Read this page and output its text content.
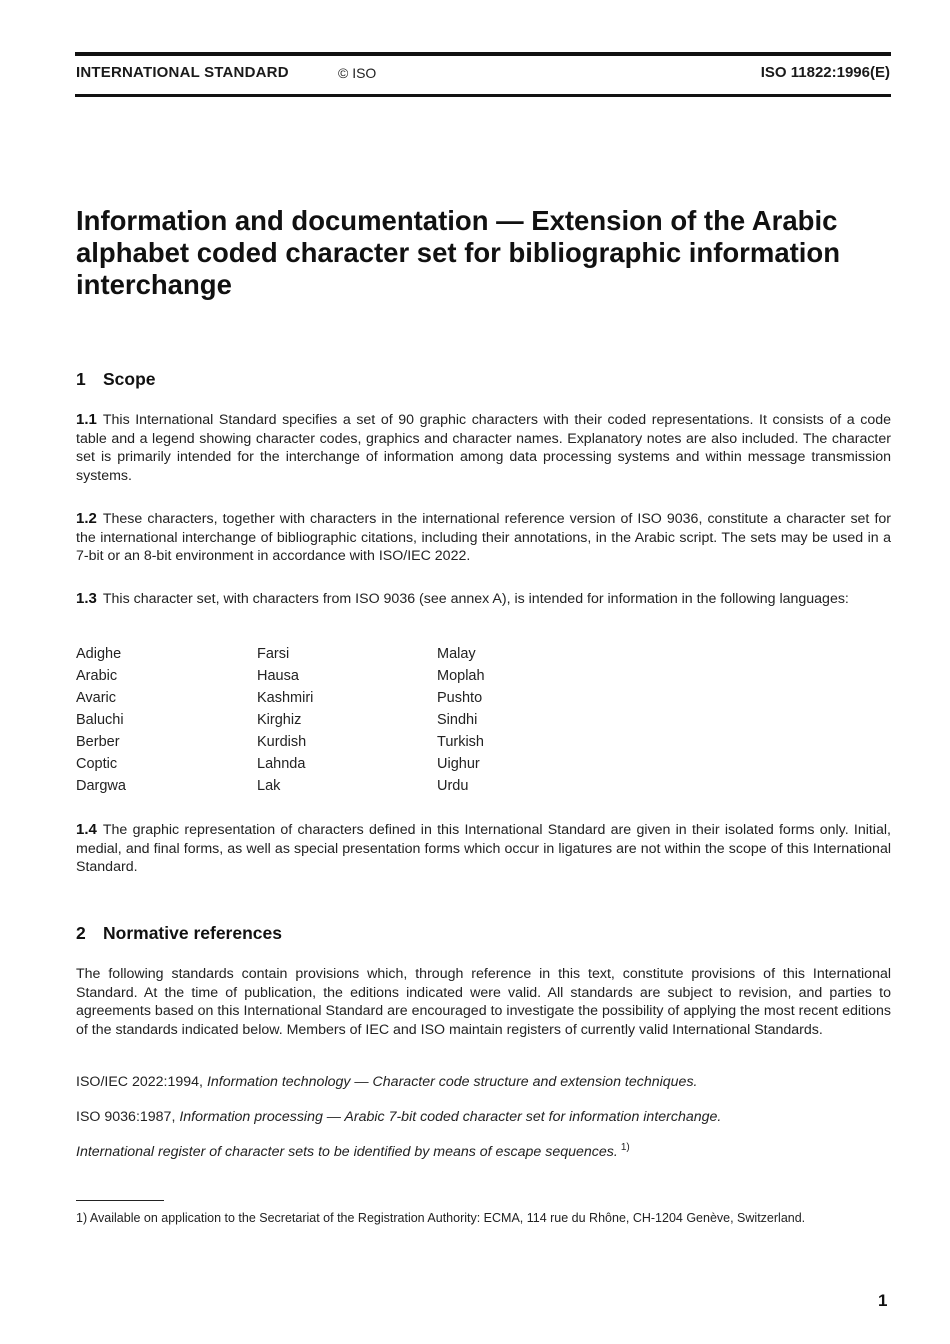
INTERNATIONAL STANDARD	© ISO	ISO 11822:1996(E)
Information and documentation — Extension of the Arabic alphabet coded character set for bibliographic information interchange
1 Scope

1.1 This International Standard specifies a set of 90 graphic characters with their coded representations. It consists of a code table and a legend showing character codes, graphics and character names. Explanatory notes are also included. The character set is primarily intended for the interchange of information among data processing systems and within message transmission systems.

1.2 These characters, together with characters in the international reference version of ISO 9036, constitute a character set for the international interchange of bibliographic citations, including their annotations, in the Arabic script. The sets may be used in a 7-bit or an 8-bit environment in accordance with ISO/IEC 2022.

1.3 This character set, with characters from ISO 9036 (see annex A), is intended for information in the following languages:

Adighe
Arabic
Avaric
Baluchi
Berber
Coptic
Dargwa
Farsi
Hausa
Kashmiri
Kirghiz
Kurdish
Lahnda
Lak
Malay
Moplah
Pushto
Sindhi
Turkish
Uighur
Urdu

1.4 The graphic representation of characters defined in this International Standard are given in their isolated forms only. Initial, medial, and final forms, as well as special presentation forms which occur in ligatures are not within the scope of this International Standard.

2 Normative references

The following standards contain provisions which, through reference in this text, constitute provisions of this International Standard. At the time of publication, the editions indicated were valid. All standards are subject to revision, and parties to agreements based on this International Standard are encouraged to investigate the possibility of applying the most recent editions of the standards indicated below. Members of IEC and ISO maintain registers of currently valid International Standards.

ISO/IEC 2022:1994, Information technology — Character code structure and extension techniques.

ISO 9036:1987, Information processing — Arabic 7-bit coded character set for information interchange.

International register of character sets to be identified by means of escape sequences. $^{1)}$

1) Available on application to the Secretariat of the Registration Authority: ECMA, 114 rue du Rhône, CH-1204 Genève, Switzerland.

1
